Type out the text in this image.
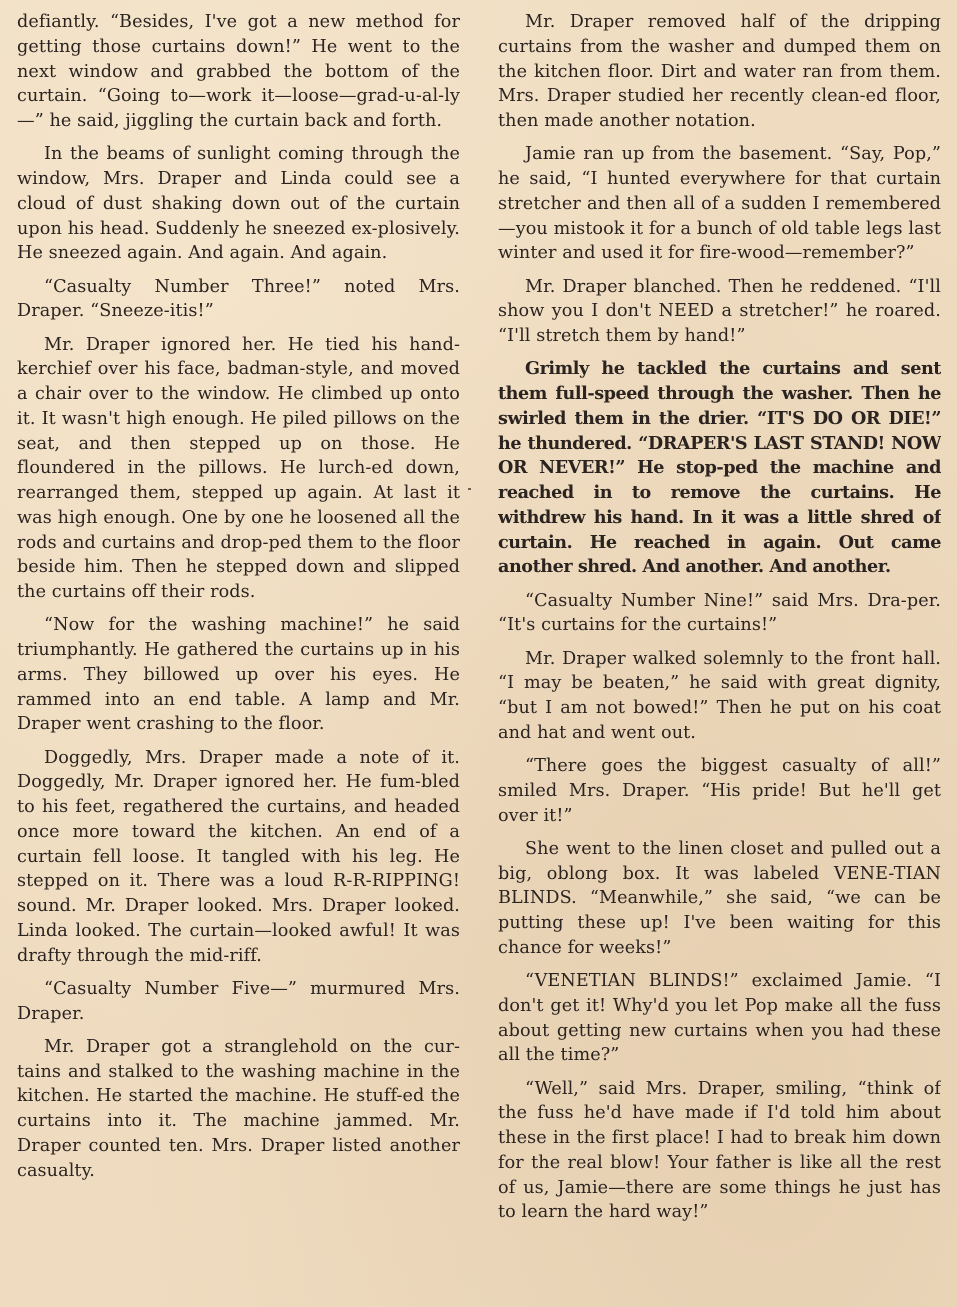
defiantly. “Besides, I've got a new method for getting those curtains down!” He went to the next window and grabbed the bottom of the curtain. “Going to—work it—loose—grad-u-al-ly—” he said, jiggling the curtain back and forth.

In the beams of sunlight coming through the window, Mrs. Draper and Linda could see a cloud of dust shaking down out of the curtain upon his head. Suddenly he sneezed ex-plosively. He sneezed again. And again. And again.

“Casualty Number Three!” noted Mrs. Draper. “Sneeze-itis!”

Mr. Draper ignored her. He tied his hand-kerchief over his face, badman-style, and moved a chair over to the window. He climbed up onto it. It wasn't high enough. He piled pillows on the seat, and then stepped up on those. He floundered in the pillows. He lurch-ed down, rearranged them, stepped up again. At last it was high enough. One by one he loosened all the rods and curtains and drop-ped them to the floor beside him. Then he stepped down and slipped the curtains off their rods.

“Now for the washing machine!” he said triumphantly. He gathered the curtains up in his arms. They billowed up over his eyes. He rammed into an end table. A lamp and Mr. Draper went crashing to the floor.

Doggedly, Mrs. Draper made a note of it. Doggedly, Mr. Draper ignored her. He fum-bled to his feet, regathered the curtains, and headed once more toward the kitchen. An end of a curtain fell loose. It tangled with his leg. He stepped on it. There was a loud R-R-RIPPING! sound. Mr. Draper looked. Mrs. Draper looked. Linda looked. The curtain—looked awful! It was drafty through the mid-riff.

“Casualty Number Five—” murmured Mrs. Draper.

Mr. Draper got a stranglehold on the cur-tains and stalked to the washing machine in the kitchen. He started the machine. He stuff-ed the curtains into it. The machine jammed. Mr. Draper counted ten. Mrs. Draper listed another casualty.

Mr. Draper removed half of the dripping curtains from the washer and dumped them on the kitchen floor. Dirt and water ran from them. Mrs. Draper studied her recently clean-ed floor, then made another notation.

Jamie ran up from the basement. “Say, Pop,” he said, “I hunted everywhere for that curtain stretcher and then all of a sudden I remembered—you mistook it for a bunch of old table legs last winter and used it for fire-wood—remember?”

Mr. Draper blanched. Then he reddened. “I'll show you I don't NEED a stretcher!” he roared. “I'll stretch them by hand!”

Grimly he tackled the curtains and sent them full-speed through the washer. Then he swirled them in the drier. “IT'S DO OR DIE!” he thundered. “DRAPER'S LAST STAND! NOW OR NEVER!” He stop-ped the machine and reached in to remove the curtains. He withdrew his hand. In it was a little shred of curtain. He reached in again. Out came another shred. And another. And another.

“Casualty Number Nine!” said Mrs. Dra-per. “It's curtains for the curtains!”

Mr. Draper walked solemnly to the front hall. “I may be beaten,” he said with great dignity, “but I am not bowed!” Then he put on his coat and hat and went out.

“There goes the biggest casualty of all!” smiled Mrs. Draper. “His pride! But he'll get over it!”

She went to the linen closet and pulled out a big, oblong box. It was labeled VENE-TIAN BLINDS. “Meanwhile,” she said, “we can be putting these up! I've been waiting for this chance for weeks!”

“VENETIAN BLINDS!” exclaimed Jamie. “I don't get it! Why'd you let Pop make all the fuss about getting new curtains when you had these all the time?”

“Well,” said Mrs. Draper, smiling, “think of the fuss he'd have made if I'd told him about these in the first place! I had to break him down for the real blow! Your father is like all the rest of us, Jamie—there are some things he just has to learn the hard way!”
